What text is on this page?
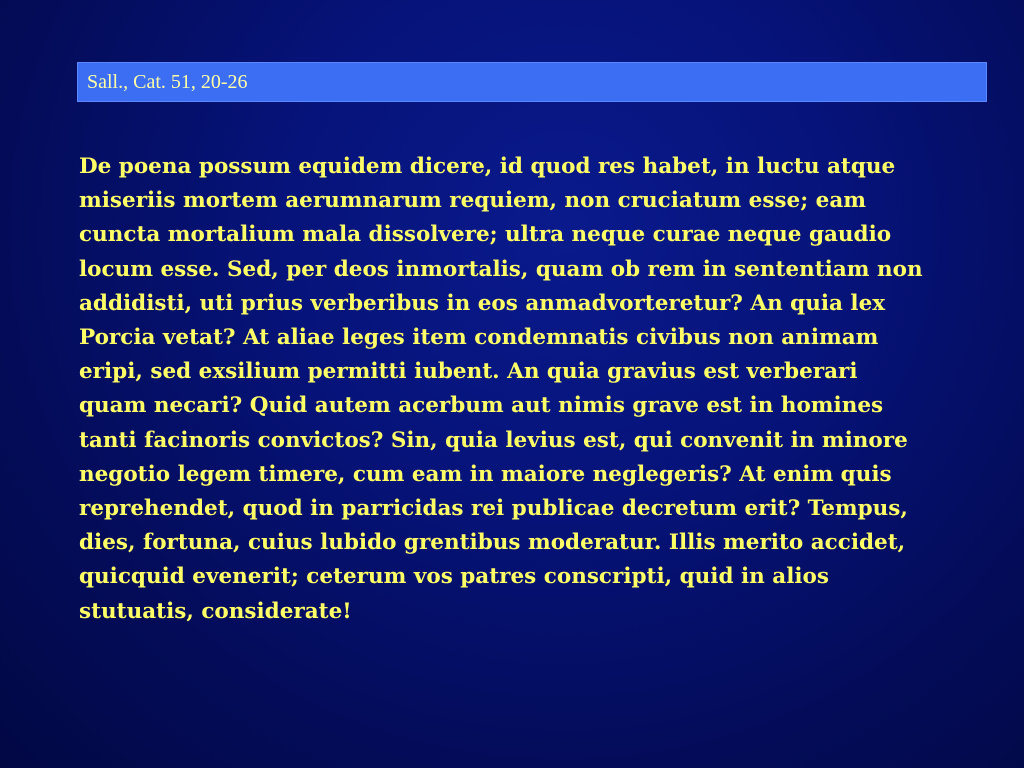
Sall., Cat. 51, 20-26

De poena possum equidem dicere, id quod res habet, in luctu atque
miseriis mortem aerumnarum requiem, non cruciatum esse; eam
cuncta mortalium mala dissolvere; ultra neque curae neque gaudio
locum esse. Sed, per deos inmortalis, quam ob rem in sententiam non
addidisti, uti prius verberibus in eos anmadvorteretur? An quia lex
Porcia vetat? At aliae leges item condemnatis civibus non animam
eripi, sed exsilium permitti iubent. An quia gravius est verberari
quam necari? Quid autem acerbum aut nimis grave est in homines
tanti facinoris convictos? Sin, quia levius est, qui convenit in minore
negotio legem timere, cum eam in maiore neglegeris? At enim quis
reprehendet, quod in parricidas rei publicae decretum erit? Tempus,
dies, fortuna, cuius lubido grentibus moderatur. Illis merito accidet,
quicquid evenerit; ceterum vos patres conscripti, quid in alios
stutuatis, considerate!
